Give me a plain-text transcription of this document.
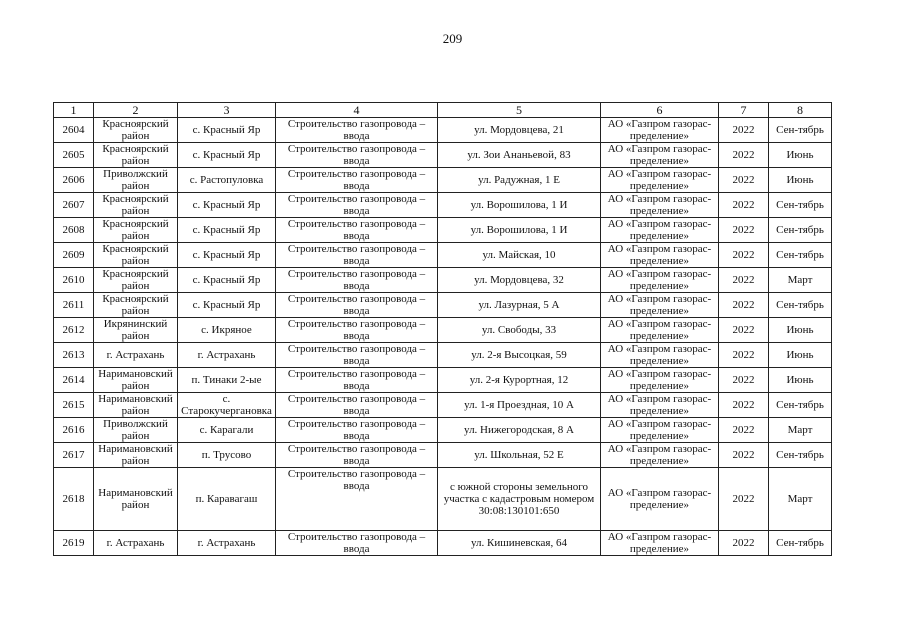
209
1	2	3	4	5	6	7	8
2604	Красноярский район	с. Красный Яр	Строительство газопровода – ввода	ул. Мордовцева, 21	АО «Газпром газорас-пределение»	2022	Сен-тябрь
2605	Красноярский район	с. Красный Яр	Строительство газопровода – ввода	ул. Зои Ананьевой, 83	АО «Газпром газорас-пределение»	2022	Июнь
2606	Приволжский район	с. Растопуловка	Строительство газопровода – ввода	ул. Радужная, 1 Е	АО «Газпром газорас-пределение»	2022	Июнь
2607	Красноярский район	с. Красный Яр	Строительство газопровода – ввода	ул. Ворошилова, 1 И	АО «Газпром газорас-пределение»	2022	Сен-тябрь
2608	Красноярский район	с. Красный Яр	Строительство газопровода – ввода	ул. Ворошилова, 1 И	АО «Газпром газорас-пределение»	2022	Сен-тябрь
2609	Красноярский район	с. Красный Яр	Строительство газопровода – ввода	ул. Майская, 10	АО «Газпром газорас-пределение»	2022	Сен-тябрь
2610	Красноярский район	с. Красный Яр	Строительство газопровода – ввода	ул. Мордовцева, 32	АО «Газпром газорас-пределение»	2022	Март
2611	Красноярский район	с. Красный Яр	Строительство газопровода – ввода	ул. Лазурная, 5 А	АО «Газпром газорас-пределение»	2022	Сен-тябрь
2612	Икрянинский район	с. Икряное	Строительство газопровода – ввода	ул. Свободы, 33	АО «Газпром газорас-пределение»	2022	Июнь
2613	г. Астрахань	г. Астрахань	Строительство газопровода – ввода	ул. 2-я Высоцкая, 59	АО «Газпром газорас-пределение»	2022	Июнь
2614	Наримановский район	п. Тинаки 2-ые	Строительство газопровода – ввода	ул. 2-я Курортная, 12	АО «Газпром газорас-пределение»	2022	Июнь
2615	Наримановский район	с. Старокучергановка	Строительство газопровода – ввода	ул. 1-я Проездная, 10 А	АО «Газпром газорас-пределение»	2022	Сен-тябрь
2616	Приволжский район	с. Карагали	Строительство газопровода – ввода	ул. Нижегородская, 8 А	АО «Газпром газорас-пределение»	2022	Март
2617	Наримановский район	п. Трусово	Строительство газопровода – ввода	ул. Школьная, 52 Е	АО «Газпром газорас-пределение»	2022	Сен-тябрь
2618	Наримановский район	п. Каравагаш	Строительство газопровода – ввода	с южной стороны земельного участка с кадастровым номером 30:08:130101:650	АО «Газпром газорас-пределение»	2022	Март
2619	г. Астрахань	г. Астрахань	Строительство газопровода – ввода	ул. Кишиневская, 64	АО «Газпром газорас-пределение»	2022	Сен-тябрь
